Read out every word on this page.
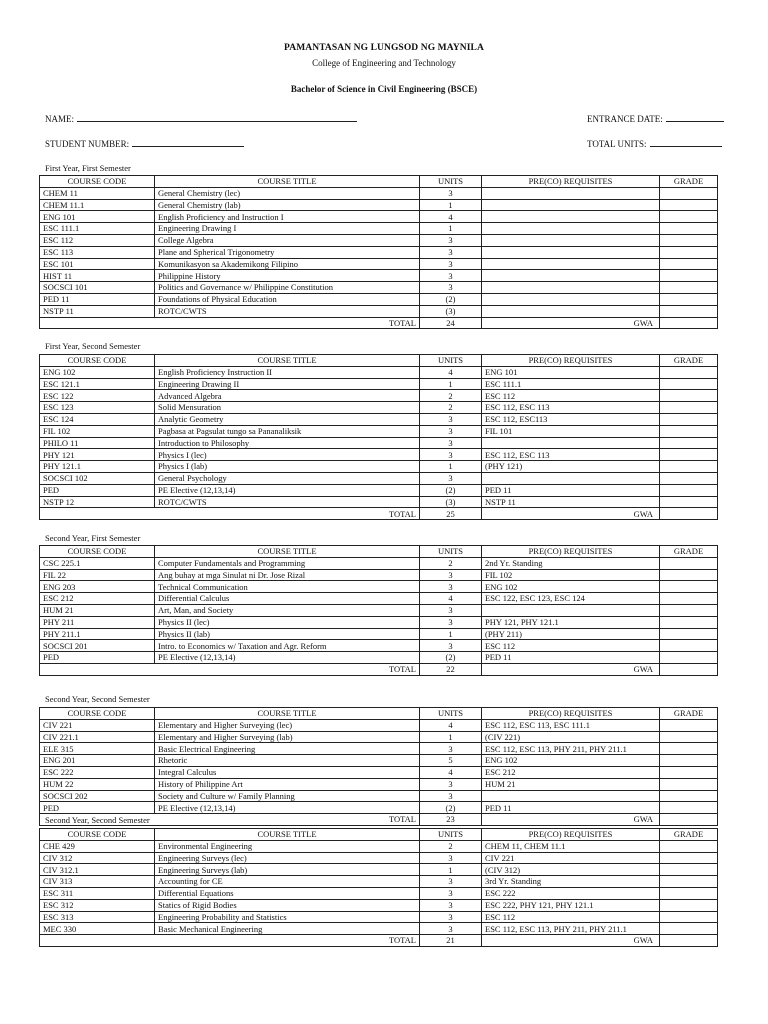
PAMANTASAN NG LUNGSOD NG MAYNILA
College of Engineering and Technology
Bachelor of Science in Civil Engineering (BSCE)
NAME:	ENTRANCE DATE:
STUDENT NUMBER:	TOTAL UNITS:
First Year, First Semester
COURSE CODE	COURSE TITLE	UNITS	PRE(CO) REQUISITES	GRADE
CHEM 11	General Chemistry (lec)	3		
CHEM 11.1	General Chemistry (lab)	1		
ENG 101	English Proficiency and Instruction I	4		
ESC 111.1	Engineering Drawing I	1		
ESC 112	College Algebra	3		
ESC 113	Plane and Spherical Trigonometry	3		
ESC 101	Komunikasyon sa Akademikong Filipino	3		
HIST 11	Philippine History	3		
SOCSCI 101	Politics and Governance w/ Philippine Constitution	3		
PED 11	Foundations of Physical Education	(2)		
NSTP 11	ROTC/CWTS	(3)		
	TOTAL	24	GWA	
First Year, Second Semester
COURSE CODE	COURSE TITLE	UNITS	PRE(CO) REQUISITES	GRADE
ENG 102	English Proficiency Instruction II	4	ENG 101	
ESC 121.1	Engineering Drawing II	1	ESC 111.1	
ESC 122	Advanced Algebra	2	ESC 112	
ESC 123	Solid Mensuration	2	ESC 112, ESC 113	
ESC 124	Analytic Geometry	3	ESC 112, ESC113	
FIL 102	Pagbasa at Pagsulat tungo sa Pananaliksik	3	FIL 101	
PHILO 11	Introduction to Philosophy	3		
PHY 121	Physics I (lec)	3	ESC 112, ESC 113	
PHY 121.1	Physics I (lab)	1	(PHY 121)	
SOCSCI 102	General Psychology	3		
PED	PE Elective (12,13,14)	(2)	PED 11	
NSTP 12	ROTC/CWTS	(3)	NSTP 11	
	TOTAL	25	GWA	
Second Year, First Semester
COURSE CODE	COURSE TITLE	UNITS	PRE(CO) REQUISITES	GRADE
CSC 225.1	Computer Fundamentals and Programming	2	2nd Yr. Standing	
FIL 22	Ang buhay at mga Sinulat ni Dr. Jose Rizal	3	FIL 102	
ENG 203	Technical Communication	3	ENG 102	
ESC 212	Differential Calculus	4	ESC 122, ESC 123, ESC 124	
HUM 21	Art, Man, and Society	3		
PHY 211	Physics II (lec)	3	PHY 121, PHY 121.1	
PHY 211.1	Physics II (lab)	1	(PHY 211)	
SOCSCI 201	Intro. to Economics w/ Taxation and Agr. Reform	3	ESC 112	
PED	PE Elective (12,13,14)	(2)	PED 11	
	TOTAL	22	GWA	
Second Year, Second Semester
COURSE CODE	COURSE TITLE	UNITS	PRE(CO) REQUISITES	GRADE
CIV 221	Elementary and Higher Surveying (lec)	4	ESC 112, ESC 113, ESC 111.1	
CIV 221.1	Elementary and Higher Surveying (lab)	1	(CIV 221)	
ELE 315	Basic Electrical Engineering	3	ESC 112, ESC 113, PHY 211, PHY 211.1	
ENG 201	Rhetoric	5	ENG 102	
ESC 222	Integral Calculus	4	ESC 212	
HUM 22	History of Philippine Art	3	HUM 21	
SOCSCI 202	Society and Culture w/ Family Planning	3		
PED	PE Elective (12,13,14)	(2)	PED 11	
	TOTAL	23	GWA	
Second Year, Second Semester
COURSE CODE	COURSE TITLE	UNITS	PRE(CO) REQUISITES	GRADE
CHE 429	Environmental Engineering	2	CHEM 11, CHEM 11.1	
CIV 312	Engineering Surveys (lec)	3	CIV 221	
CIV 312.1	Engineering Surveys (lab)	1	(CIV 312)	
CIV 313	Accounting for CE	3	3rd Yr. Standing	
ESC 311	Differential Equations	3	ESC 222	
ESC 312	Statics of Rigid Bodies	3	ESC 222, PHY 121, PHY 121.1	
ESC 313	Engineering Probability and Statistics	3	ESC 112	
MEC 330	Basic Mechanical Engineering	3	ESC 112, ESC 113, PHY 211, PHY 211.1	
	TOTAL	21	GWA	
